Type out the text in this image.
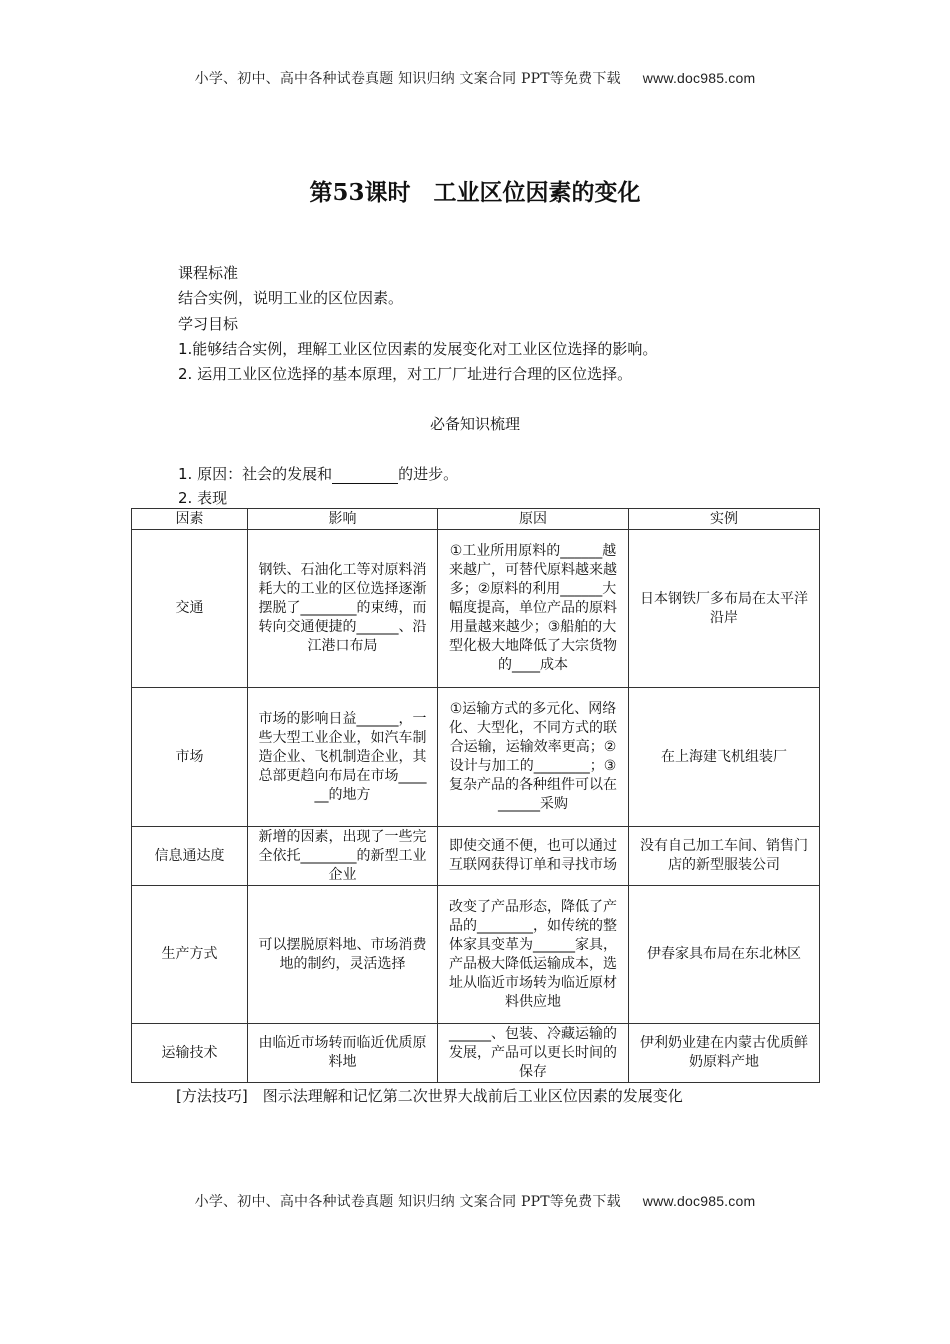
小学、初中、高中各种试卷真题 知识归纳 文案合同 PPT等免费下载 www.doc985.com
第53课时　工业区位因素的变化
课程标准
结合实例，说明工业的区位因素。
学习目标
1.能够结合实例，理解工业区位因素的发展变化对工业区位选择的影响。
2. 运用工业区位选择的基本原理，对工厂厂址进行合理的区位选择。
必备知识梳理
1. 原因：社会的发展和	的进步。
2. 表现
因素	影响	原因	实例
交通	钢铁、石油化工等对原料消耗大的工业的区位选择逐渐摆脱了________的束缚，而转向交通便捷的______、沿江港口布局	①工业所用原料的______越来越广，可替代原料越来越多；②原料的利用______大幅度提高，单位产品的原料用量越来越少；③船舶的大型化极大地降低了大宗货物的____成本	日本钢铁厂多布局在太平洋沿岸
市场	市场的影响日益______，一些大型工业企业，如汽车制造企业、飞机制造企业，其总部更趋向布局在市场______的地方	①运输方式的多元化、网络化、大型化，不同方式的联合运输，运输效率更高；②设计与加工的________；③复杂产品的各种组件可以在______采购	在上海建飞机组装厂
信息通达度	新增的因素，出现了一些完全依托________的新型工业企业	即使交通不便，也可以通过互联网获得订单和寻找市场	没有自己加工车间、销售门店的新型服装公司
生产方式	可以摆脱原料地、市场消费地的制约，灵活选择	改变了产品形态，降低了产品的________，如传统的整体家具变革为______家具，产品极大降低运输成本，选址从临近市场转为临近原材料供应地	伊春家具布局在东北林区
运输技术	由临近市场转而临近优质原料地	______、包装、冷藏运输的发展，产品可以更长时间的保存	伊利奶业建在内蒙古优质鲜奶原料产地
[方法技巧]　图示法理解和记忆第二次世界大战前后工业区位因素的发展变化
小学、初中、高中各种试卷真题 知识归纳 文案合同 PPT等免费下载 www.doc985.com
